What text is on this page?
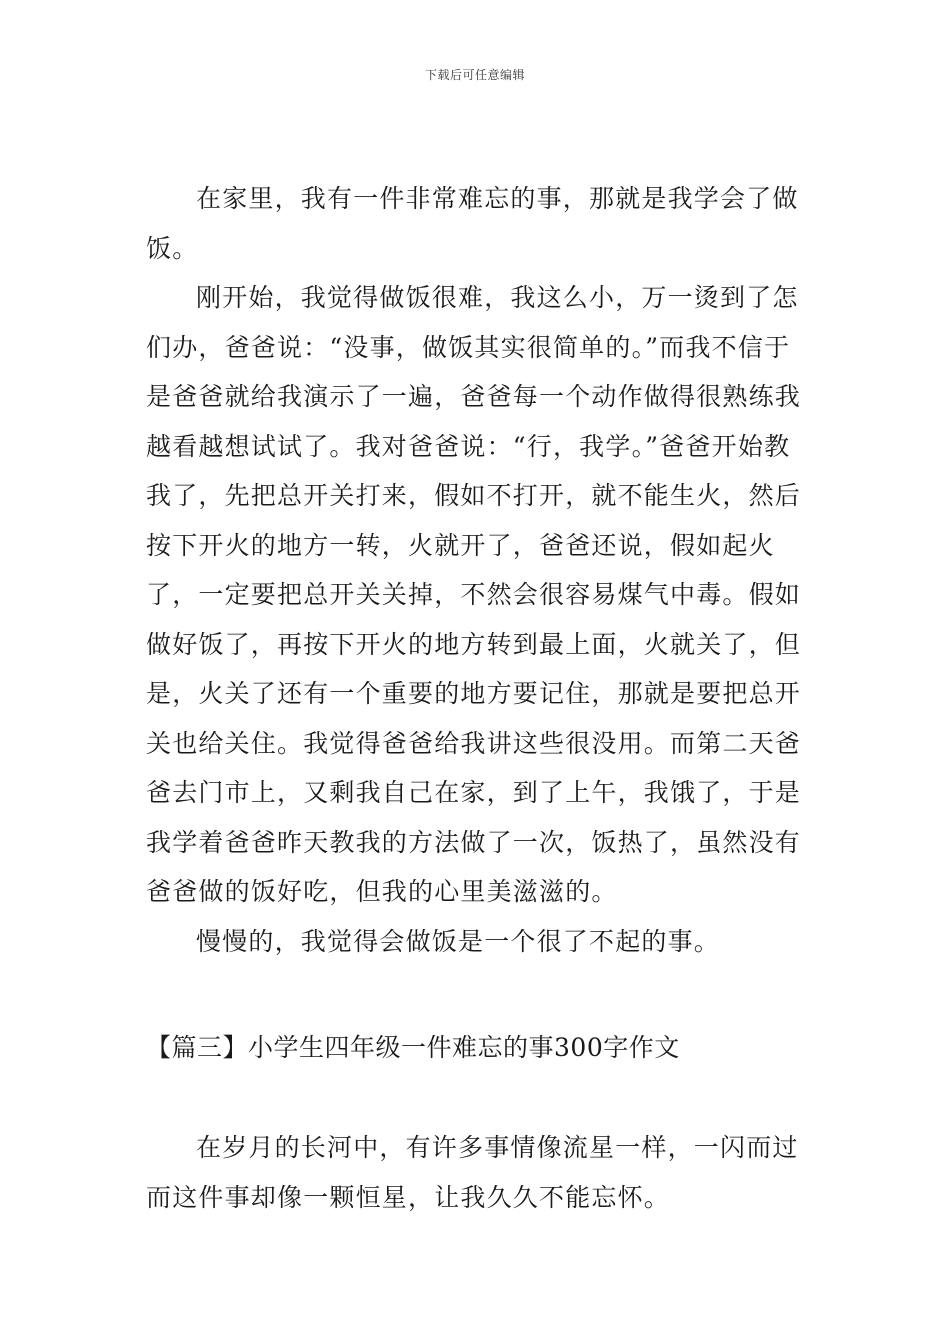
下载后可任意编辑

在家里，我有一件非常难忘的事，那就是我学会了做饭。

刚开始，我觉得做饭很难，我这么小，万一烫到了怎们办，爸爸说：“没事，做饭其实很简单的。”而我不信于是爸爸就给我演示了一遍，爸爸每一个动作做得很熟练我越看越想试试了。我对爸爸说：“行，我学。”爸爸开始教我了，先把总开关打来，假如不打开，就不能生火，然后按下开火的地方一转，火就开了，爸爸还说，假如起火了，一定要把总开关关掉，不然会很容易煤气中毒。假如做好饭了，再按下开火的地方转到最上面，火就关了，但是，火关了还有一个重要的地方要记住，那就是要把总开关也给关住。我觉得爸爸给我讲这些很没用。而第二天爸爸去门市上，又剩我自己在家，到了上午，我饿了，于是我学着爸爸昨天教我的方法做了一次，饭热了，虽然没有爸爸做的饭好吃，但我的心里美滋滋的。

慢慢的，我觉得会做饭是一个很了不起的事。

【篇三】小学生四年级一件难忘的事300字作文

在岁月的长河中，有许多事情像流星一样，一闪而过而这件事却像一颗恒星，让我久久不能忘怀。
